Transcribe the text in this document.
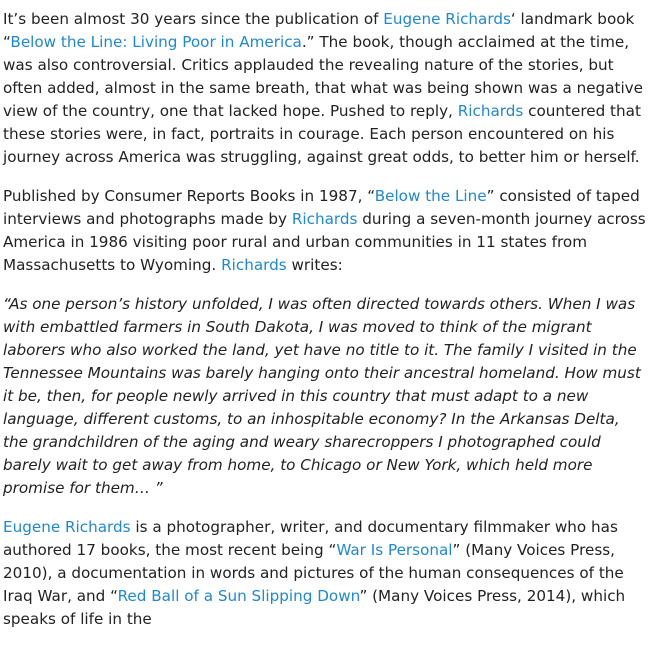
It’s been almost 30 years since the publication of Eugene Richards‘ landmark book “Below the Line: Living Poor in America.” The book, though acclaimed at the time, was also controversial. Critics applauded the revealing nature of the stories, but often added, almost in the same breath, that what was being shown was a negative view of the country, one that lacked hope. Pushed to reply, Richards countered that these stories were, in fact, portraits in courage. Each person encountered on his journey across America was struggling, against great odds, to better him or herself.

Published by Consumer Reports Books in 1987, “Below the Line” consisted of taped interviews and photographs made by Richards during a seven-month journey across America in 1986 visiting poor rural and urban communities in 11 states from Massachusetts to Wyoming. Richards writes:

“As one person’s history unfolded, I was often directed towards others. When I was with embattled farmers in South Dakota, I was moved to think of the migrant laborers who also worked the land, yet have no title to it. The family I visited in the Tennessee Mountains was barely hanging onto their ancestral homeland. How must it be, then, for people newly arrived in this country that must adapt to a new language, different customs, to an inhospitable economy? In the Arkansas Delta, the grandchildren of the aging and weary sharecroppers I photographed could barely wait to get away from home, to Chicago or New York, which held more promise for them… ”

Eugene Richards is a photographer, writer, and documentary filmmaker who has authored 17 books, the most recent being “War Is Personal” (Many Voices Press, 2010), a documentation in words and pictures of the human consequences of the Iraq War, and “Red Ball of a Sun Slipping Down” (Many Voices Press, 2014), which speaks of life in the
